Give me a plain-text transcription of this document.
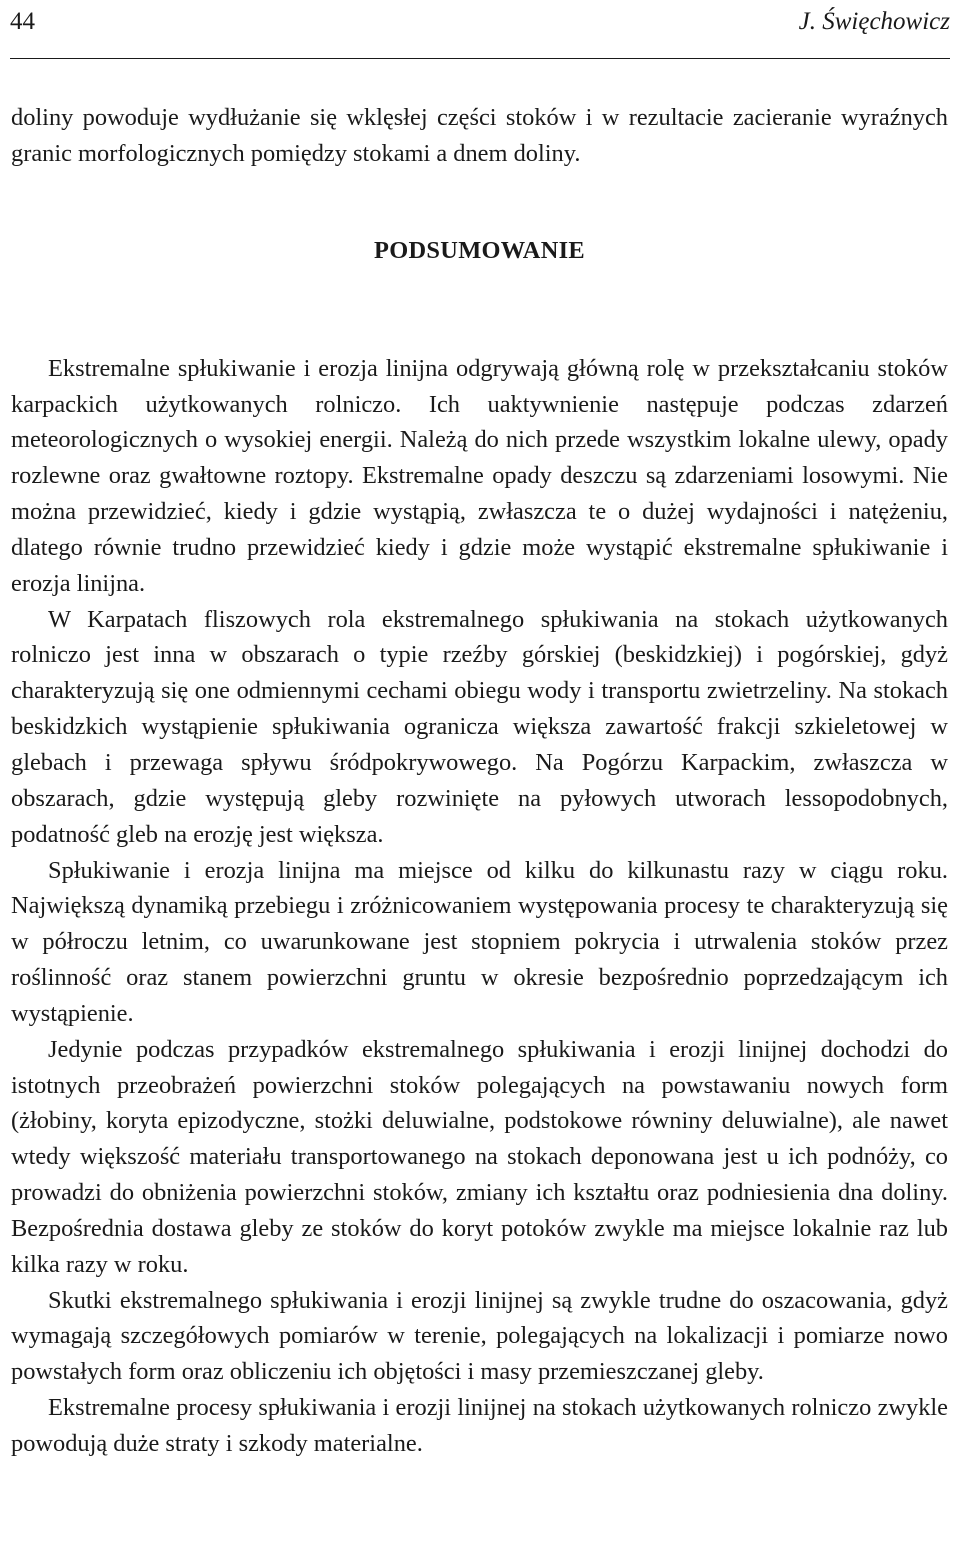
44	J. Święchowicz

doliny powoduje wydłużanie się wklęsłej części stoków i w rezultacie zacieranie wyraźnych granic morfologicznych pomiędzy stokami a dnem doliny.

PODSUMOWANIE

Ekstremalne spłukiwanie i erozja linijna odgrywają główną rolę w przekształcaniu stoków karpackich użytkowanych rolniczo. Ich uaktywnienie następuje podczas zdarzeń meteorologicznych o wysokiej energii. Należą do nich przede wszystkim lokalne ulewy, opady rozlewne oraz gwałtowne roztopy. Ekstremalne opady deszczu są zdarzeniami losowymi. Nie można przewidzieć, kiedy i gdzie wystąpią, zwłaszcza te o dużej wydajności i natężeniu, dlatego równie trudno przewidzieć kiedy i gdzie może wystąpić ekstremalne spłukiwanie i erozja linijna.

W Karpatach fliszowych rola ekstremalnego spłukiwania na stokach użytkowanych rolniczo jest inna w obszarach o typie rzeźby górskiej (beskidzkiej) i pogórskiej, gdyż charakteryzują się one odmiennymi cechami obiegu wody i transportu zwietrzeliny. Na stokach beskidzkich wystąpienie spłukiwania ogranicza większa zawartość frakcji szkieletowej w glebach i przewaga spływu śródpokrywowego. Na Pogórzu Karpackim, zwłaszcza w obszarach, gdzie występują gleby rozwinięte na pyłowych utworach lessopodobnych, podatność gleb na erozję jest większa.

Spłukiwanie i erozja linijna ma miejsce od kilku do kilkunastu razy w ciągu roku. Największą dynamiką przebiegu i zróżnicowaniem występowania procesy te charakteryzują się w półroczu letnim, co uwarunkowane jest stopniem pokrycia i utrwalenia stoków przez roślinność oraz stanem powierzchni gruntu w okresie bezpośrednio poprzedzającym ich wystąpienie.

Jedynie podczas przypadków ekstremalnego spłukiwania i erozji linijnej dochodzi do istotnych przeobrażeń powierzchni stoków polegających na powstawaniu nowych form (żłobiny, koryta epizodyczne, stożki deluwialne, podstokowe równiny deluwialne), ale nawet wtedy większość materiału transportowanego na stokach deponowana jest u ich podnóży, co prowadzi do obniżenia powierzchni stoków, zmiany ich kształtu oraz podniesienia dna doliny. Bezpośrednia dostawa gleby ze stoków do koryt potoków zwykle ma miejsce lokalnie raz lub kilka razy w roku.

Skutki ekstremalnego spłukiwania i erozji linijnej są zwykle trudne do oszacowania, gdyż wymagają szczegółowych pomiarów w terenie, polegających na lokalizacji i pomiarze nowo powstałych form oraz obliczeniu ich objętości i masy przemieszczanej gleby.

Ekstremalne procesy spłukiwania i erozji linijnej na stokach użytkowanych rolniczo zwykle powodują duże straty i szkody materialne.
